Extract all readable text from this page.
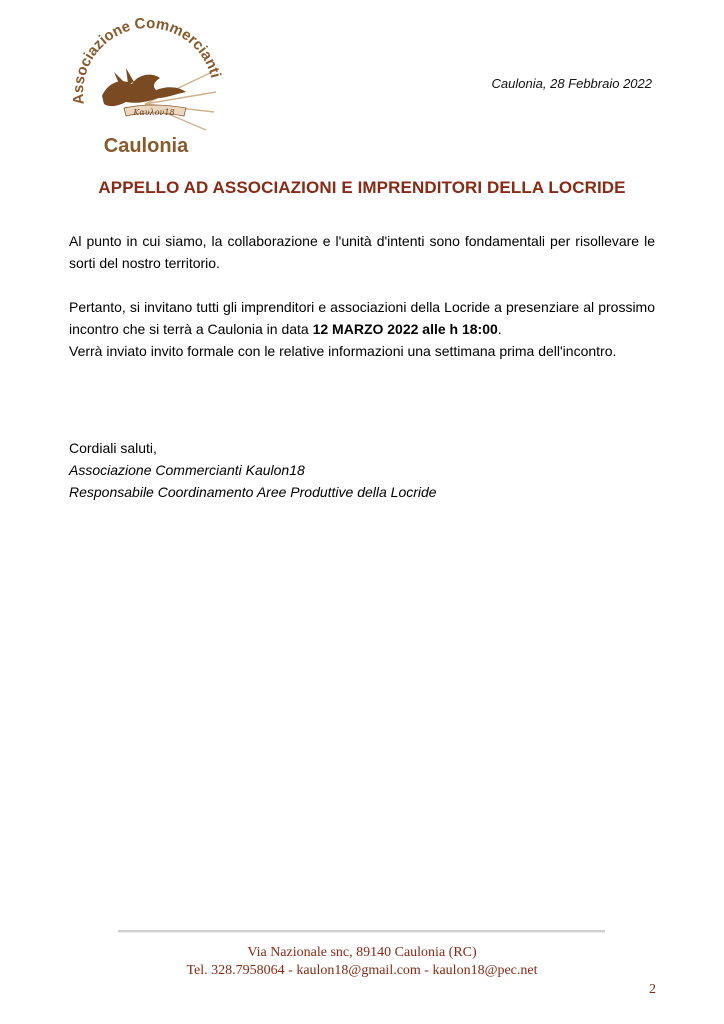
Associazione Commercianti
Καυλον18
Caulonia
Caulonia, 28 Febbraio 2022
APPELLO AD ASSOCIAZIONI E IMPRENDITORI DELLA LOCRIDE

Al punto in cui siamo, la collaborazione e l'unità d'intenti sono fondamentali per risollevare le sorti del nostro territorio.

Pertanto, si invitano tutti gli imprenditori e associazioni della Locride a presenziare al prossimo incontro che si terrà a Caulonia in data 12 MARZO 2022 alle h 18:00.

Verrà inviato invito formale con le relative informazioni una settimana prima dell'incontro.

Cordiali saluti,
Associazione Commercianti Kaulon18
Responsabile Coordinamento Aree Produttive della Locride
Via Nazionale snc, 89140 Caulonia (RC)
Tel. 328.7958064 - kaulon18@gmail.com - kaulon18@pec.net
2
